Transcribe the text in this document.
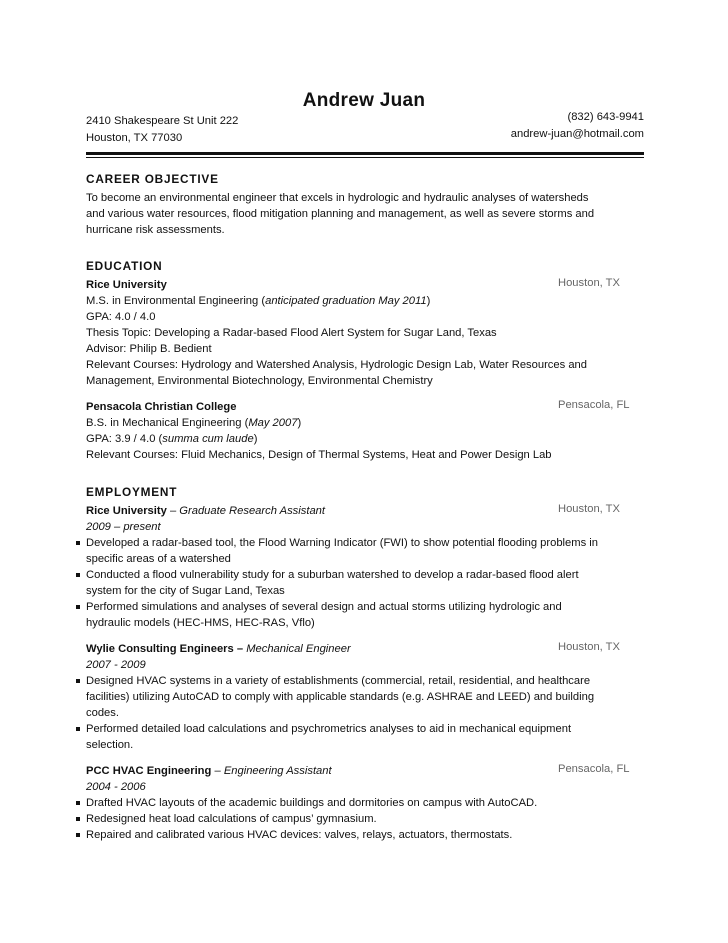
Andrew Juan
2410 Shakespeare St Unit 222
Houston, TX 77030
(832) 643-9941
andrew-juan@hotmail.com
CAREER OBJECTIVE
To become an environmental engineer that excels in hydrologic and hydraulic analyses of watersheds
and various water resources, flood mitigation planning and management, as well as severe storms and
hurricane risk assessments.
EDUCATION
Rice University	Houston, TX
M.S. in Environmental Engineering (anticipated graduation May 2011)
GPA: 4.0 / 4.0
Thesis Topic: Developing a Radar-based Flood Alert System for Sugar Land, Texas
Advisor: Philip B. Bedient
Relevant Courses: Hydrology and Watershed Analysis, Hydrologic Design Lab, Water Resources and
Management, Environmental Biotechnology, Environmental Chemistry
Pensacola Christian College	Pensacola, FL
B.S. in Mechanical Engineering (May 2007)
GPA: 3.9 / 4.0 (summa cum laude)
Relevant Courses: Fluid Mechanics, Design of Thermal Systems, Heat and Power Design Lab
EMPLOYMENT
Rice University – Graduate Research Assistant	Houston, TX
2009 – present
Developed a radar-based tool, the Flood Warning Indicator (FWI) to show potential flooding problems in
specific areas of a watershed
Conducted a flood vulnerability study for a suburban watershed to develop a radar-based flood alert
system for the city of Sugar Land, Texas
Performed simulations and analyses of several design and actual storms utilizing hydrologic and
hydraulic models (HEC-HMS, HEC-RAS, Vflo)
Wylie Consulting Engineers – Mechanical Engineer	Houston, TX
2007 - 2009
Designed HVAC systems in a variety of establishments (commercial, retail, residential, and healthcare
facilities) utilizing AutoCAD to comply with applicable standards (e.g. ASHRAE and LEED) and building
codes.
Performed detailed load calculations and psychrometrics analyses to aid in mechanical equipment
selection.
PCC HVAC Engineering – Engineering Assistant	Pensacola, FL
2004 - 2006
Drafted HVAC layouts of the academic buildings and dormitories on campus with AutoCAD.
Redesigned heat load calculations of campus’ gymnasium.
Repaired and calibrated various HVAC devices: valves, relays, actuators, thermostats.
